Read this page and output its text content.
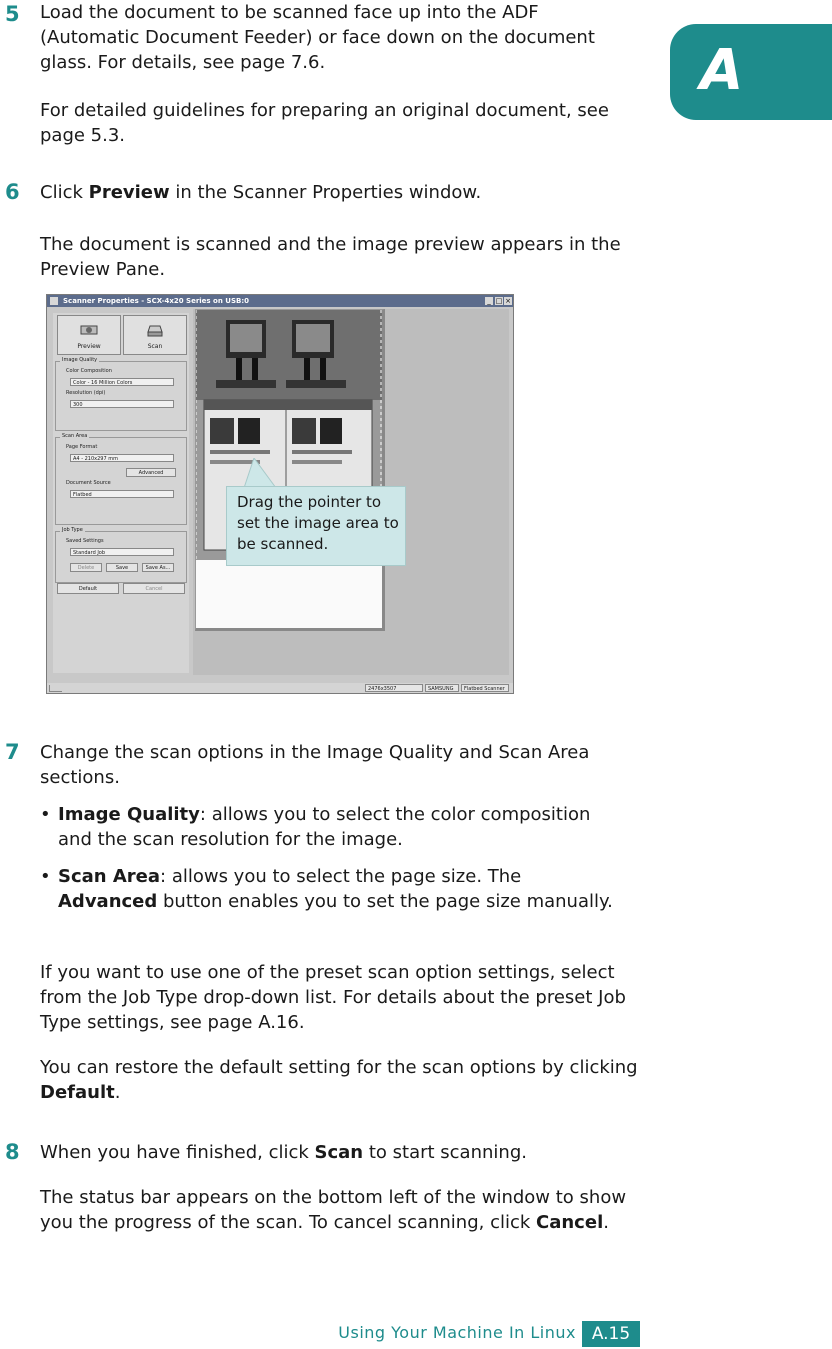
A
5 Load the document to be scanned face up into the ADF (Automatic Document Feeder) or face down on the document glass. For details, see page 7.6.
For detailed guidelines for preparing an original document, see page 5.3.
6 Click Preview in the Scanner Properties window.
The document is scanned and the image preview appears in the Preview Pane.
Scanner Properties - SCX-4x20 Series on USB:0	_ □ ×
Preview	Scan
Image Quality
Color Composition
Color - 16 Million Colors
Resolution (dpi)
300
Scan Area
Page Format
A4 - 210x297 mm
Advanced
Document Source
Flatbed
Job Type
Saved Settings
Standard Job
Delete	Save	Save As...
Default	Cancel
2476x3507	SAMSUNG	Flatbed Scanner
Drag the pointer to set the image area to be scanned.
7 Change the scan options in the Image Quality and Scan Area sections.
• Image Quality: allows you to select the color composition and the scan resolution for the image.
• Scan Area: allows you to select the page size. The Advanced button enables you to set the page size manually.
If you want to use one of the preset scan option settings, select from the Job Type drop-down list. For details about the preset Job Type settings, see page A.16.
You can restore the default setting for the scan options by clicking Default.
8 When you have finished, click Scan to start scanning.
The status bar appears on the bottom left of the window to show you the progress of the scan. To cancel scanning, click Cancel.
Using Your Machine In Linux A.15
